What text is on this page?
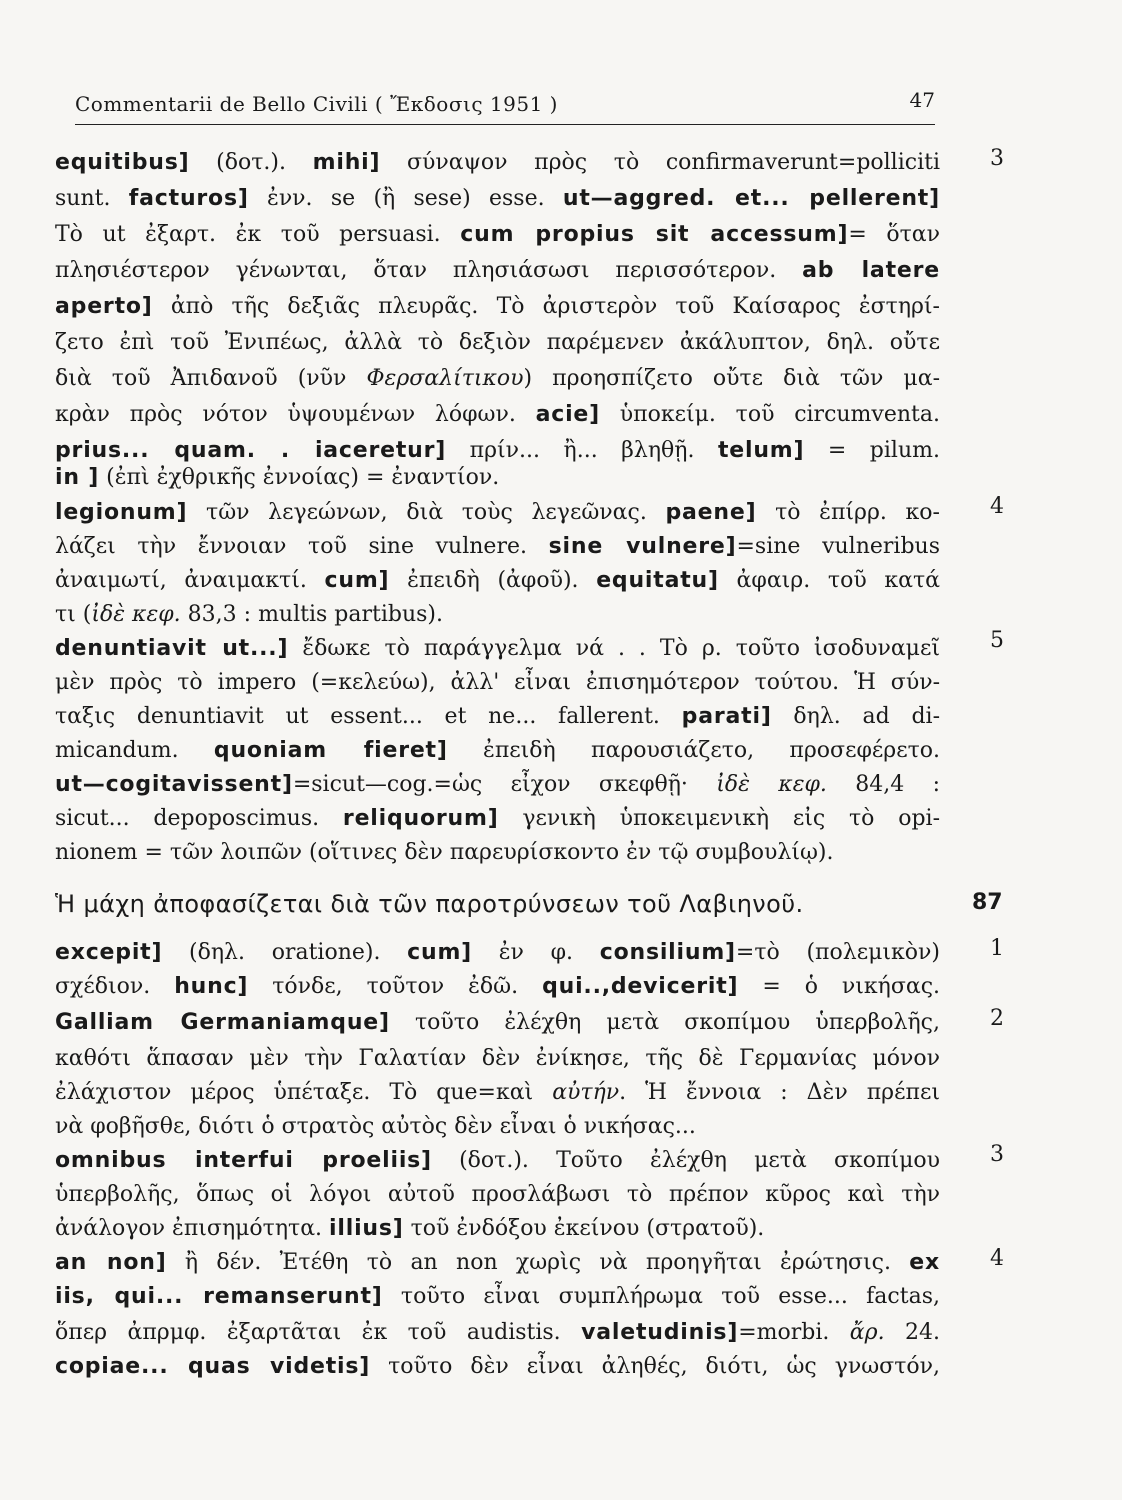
Commentarii de Bello Civili ( Ἔκδοσις 1951 )	47
equitibus] (δοτ.). mihi] σύναψον πρὸς τὸ confirmaverunt=polliciti 3
sunt. facturos] ἐνν. se (ἢ sese) esse. ut—aggred. et... pellerent]
Τὸ ut ἐξαρτ. ἐκ τοῦ persuasi. cum propius sit accessum]= ὅταν
πλησιέστερον γένωνται, ὅταν πλησιάσωσι περισσότερον. ab latere
aperto] ἀπὸ τῆς δεξιᾶς πλευρᾶς. Τὸ ἀριστερὸν τοῦ Καίσαρος ἐστηρί-
ζετο ἐπὶ τοῦ Ἐνιπέως, ἀλλὰ τὸ δεξιὸν παρέμενεν ἀκάλυπτον, δηλ. οὔτε
διὰ τοῦ Ἀπιδανοῦ (νῦν Φερσαλίτικου) προησπίζετο οὔτε διὰ τῶν μα-
κρὰν πρὸς νότον ὑψουμένων λόφων. acie] ὑποκείμ. τοῦ circumventa.
prius... quam. . iaceretur] πρίν... ἢ... βληθῇ. telum] = pilum.
in ] (ἐπὶ ἐχθρικῆς ἐννοίας) = ἐναντίον.
legionum] τῶν λεγεώνων, διὰ τοὺς λεγεῶνας. paene] τὸ ἐπίρρ. κο- 4
λάζει τὴν ἔννοιαν τοῦ sine vulnere. sine vulnere]=sine vulneribus
ἀναιμωτί, ἀναιμακτί. cum] ἐπειδὴ (ἀφοῦ). equitatu] ἀφαιρ. τοῦ κατά
τι (ἰδὲ κεφ. 83,3 : multis partibus).
denuntiavit ut...] ἔδωκε τὸ παράγγελμα νά . . Τὸ ρ. τοῦτο ἰσοδυναμεῖ 5
μὲν πρὸς τὸ impero (=κελεύω), ἀλλ' εἶναι ἐπισημότερον τούτου. Ἡ σύν-
ταξις denuntiavit ut essent... et ne... fallerent. parati] δηλ. ad di-
micandum. quoniam fieret] ἐπειδὴ παρουσιάζετο, προσεφέρετο.
ut—cogitavissent]=sicut—cog.=ὡς εἶχον σκεφθῇ· ἰδὲ κεφ. 84,4 :
sicut... depoposcimus. reliquorum] γενικὴ ὑποκειμενικὴ εἰς τὸ opi-
nionem = τῶν λοιπῶν (οἵτινες δὲν παρευρίσκοντο ἐν τῷ συμβουλίῳ).
Ἡ μάχη ἀποφασίζεται διὰ τῶν παροτρύνσεων τοῦ Λαβιηνοῦ.	87
excepit] (δηλ. oratione). cum] ἐν φ. consilium]=τὸ (πολεμικὸν) 1
σχέδιον. hunc] τόνδε, τοῦτον ἐδῶ. qui..,devicerit] = ὁ νικήσας.
Galliam Germaniamque] τοῦτο ἐλέχθη μετὰ σκοπίμου ὑπερβολῆς, 2
καθότι ἅπασαν μὲν τὴν Γαλατίαν δὲν ἐνίκησε, τῆς δὲ Γερμανίας μόνον
ἐλάχιστον μέρος ὑπέταξε. Τὸ que=καὶ αὐτήν. Ἡ ἔννοια : Δὲν πρέπει
νὰ φοβῆσθε, διότι ὁ στρατὸς αὐτὸς δὲν εἶναι ὁ νικήσας...
omnibus interfui proeliis] (δοτ.). Τοῦτο ἐλέχθη μετὰ σκοπίμου 3
ὑπερβολῆς, ὅπως οἱ λόγοι αὐτοῦ προσλάβωσι τὸ πρέπον κῦρος καὶ τὴν
ἀνάλογον ἐπισημότητα. illius] τοῦ ἐνδόξου ἐκείνου (στρατοῦ).
an non] ἢ δέν. Ἐτέθη τὸ an non χωρὶς νὰ προηγῆται ἐρώτησις. ex 4
iis, qui... remanserunt] τοῦτο εἶναι συμπλήρωμα τοῦ esse... factas,
ὅπερ ἀπρμφ. ἐξαρτᾶται ἐκ τοῦ audistis. valetudinis]=morbi. ἄρ. 24.
copiae... quas videtis] τοῦτο δὲν εἶναι ἀληθές, διότι, ὡς γνωστόν,
